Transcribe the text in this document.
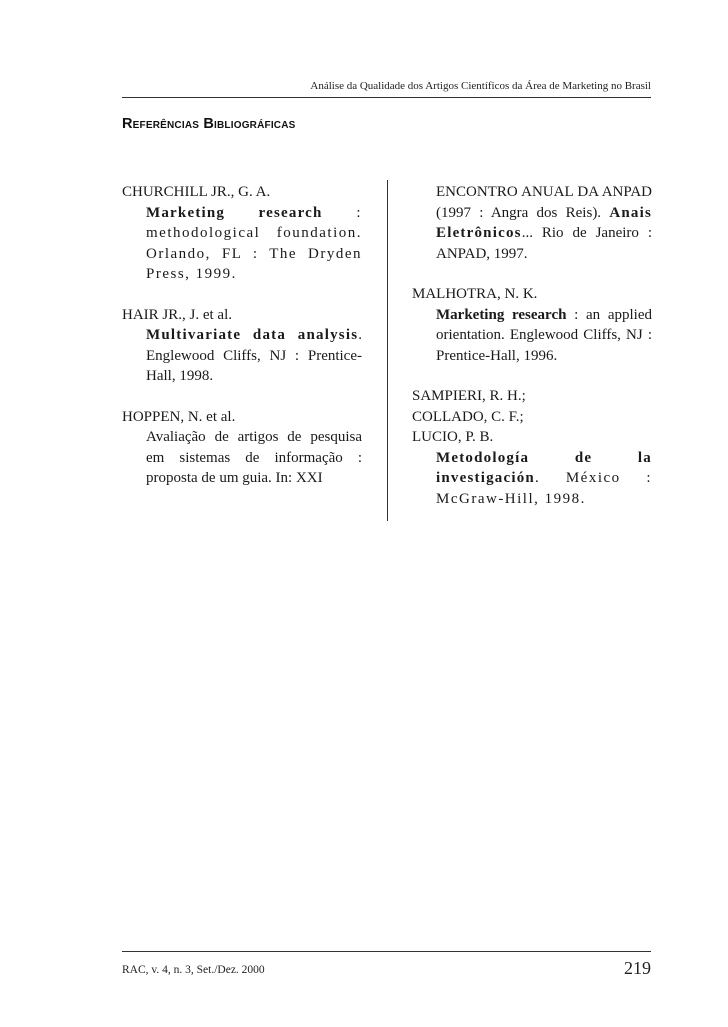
Análise da Qualidade dos Artigos Científicos da Área de Marketing no Brasil
Referências Bibliográficas

CHURCHILL JR., G. A.

Marketing research : methodological foundation. Orlando, FL : The Dryden Press, 1999.

HAIR JR., J. et al.

Multivariate data analysis. Englewood Cliffs, NJ : Prentice-Hall, 1998.

HOPPEN, N. et al.

Avaliação de artigos de pesquisa em sistemas de informação : proposta de um guia. In: XXI

ENCONTRO ANUAL DA ANPAD (1997 : Angra dos Reis). Anais Eletrônicos... Rio de Janeiro : ANPAD, 1997.

MALHOTRA, N. K.

Marketing research : an applied orientation. Englewood Cliffs, NJ : Prentice-Hall, 1996.

SAMPIERI, R. H.;

COLLADO, C. F.;

LUCIO, P. B.

Metodología de la investigación. México : McGraw-Hill, 1998.

RAC, v. 4, n. 3, Set./Dez. 2000	219
